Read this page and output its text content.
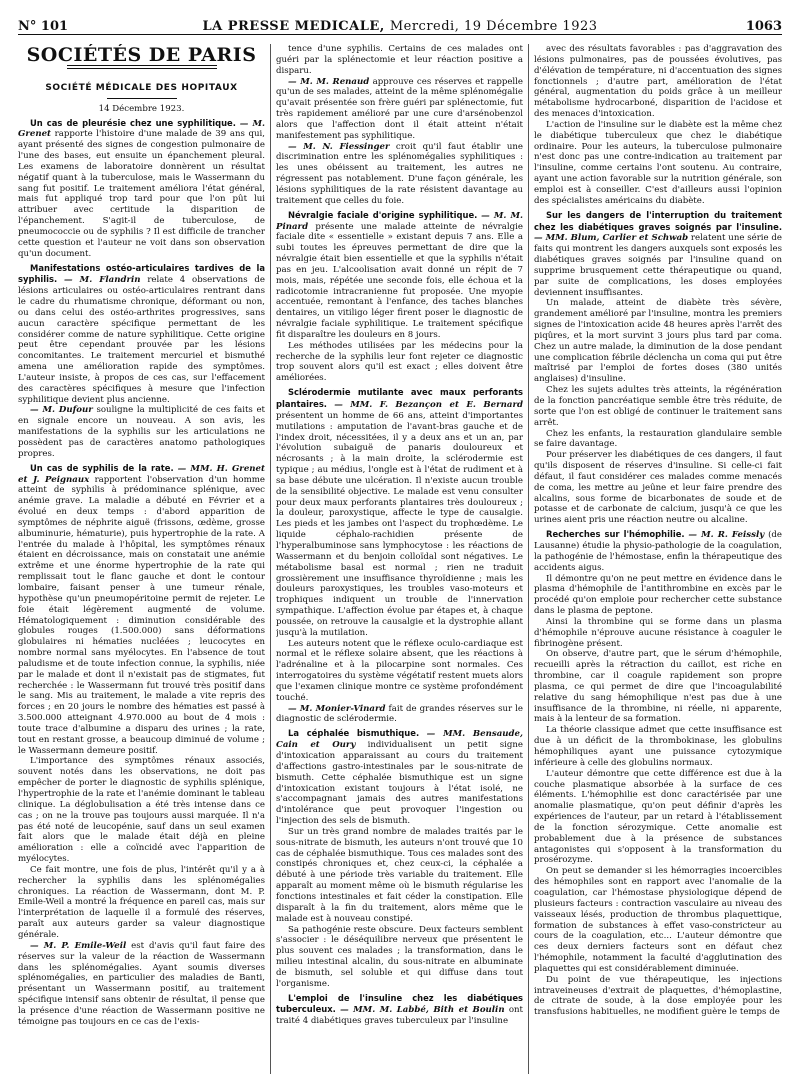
N° 101	LA PRESSE MEDICALE, Mercredi, 19 Décembre 1923	1063
SOCIÉTÉS DE PARIS
SOCIÉTÉ MÉDICALE DES HOPITAUX
14 Décembre 1923.

Un cas de pleurésie chez une syphilitique. — M. Grenet rapporte l'histoire d'une malade de 39 ans qui, ayant présenté des signes de congestion pulmonaire de l'une des bases, eut ensuite un épanchement pleural. Les examens de laboratoire donnèrent un résultat négatif quant à la tuberculose, mais le Wassermann du sang fut positif. Le traitement améliora l'état général, mais fut appliqué trop tard pour que l'on pût lui attribuer avec certitude la disparition de l'épanchement. S'agit-il de tuberculose, de pneumococcie ou de syphilis ? Il est difficile de trancher cette question et l'auteur ne voit dans son observation qu'un document.

Manifestations ostéo-articulaires tardives de la syphilis. — M. Flandrin relate 4 observations de lésions articulaires ou ostéo-articulaires rentrant dans le cadre du rhumatisme chronique, déformant ou non, ou dans celui des ostéo-arthrites progressives, sans aucun caractère spécifique permettant de les considérer comme de nature syphilitique. Cette origine peut être cependant prouvée par les lésions concomitantes. Le traitement mercuriel et bismuthé amena une amélioration rapide des symptômes. L'auteur insiste, à propos de ces cas, sur l'effacement des caractères spécifiques à mesure que l'infection syphilitique devient plus ancienne.

— M. Dufour souligne la multiplicité de ces faits et en signale encore un nouveau. A son avis, les manifestations de la syphilis sur les articulations ne possèdent pas de caractères anatomo pathologiques propres.

Un cas de syphilis de la rate. — MM. H. Grenet et J. Peignaux rapportent l'observation d'un homme atteint de syphilis à prédominance splénique, avec anémie grave. La maladie a débuté en Février et a évolué en deux temps : d'abord apparition de symptômes de néphrite aiguë (frissons, œdème, grosse albuminurie, hématurie), puis hypertrophie de la rate. A l'entrée du malade à l'hôpital, les symptômes rénaux étaient en décroissance, mais on constatait une anémie extrême et une énorme hypertrophie de la rate qui remplissait tout le flanc gauche et dont le contour lombaire, faisant penser à une tumeur rénale, hypothèse qu'un pneumopéritoine permit de rejeter. Le foie était légèrement augmenté de volume. Hématologiquement : diminution considérable des globules rouges (1.500.000) sans déformations globulaires ni hématies nucléées ; leucocytes en nombre normal sans myélocytes. En l'absence de tout paludisme et de toute infection connue, la syphilis, niée par le malade et dont il n'existait pas de stigmates, fut recherchée : le Wassermann fut trouvé très positif dans le sang. Mis au traitement, le malade a vite repris des forces ; en 20 jours le nombre des hématies est passé à 3.500.000 atteignant 4.970.000 au bout de 4 mois : toute trace d'albumine a disparu des urines ; la rate, tout en restant grosse, a beaucoup diminué de volume ; le Wassermann demeure positif.

L'importance des symptômes rénaux associés, souvent notés dans les observations, ne doit pas empêcher de porter le diagnostic de syphilis splénique, l'hypertrophie de la rate et l'anémie dominant le tableau clinique. La déglobulisation a été très intense dans ce cas ; on ne la trouve pas toujours aussi marquée. Il n'a pas été noté de leucopénie, sauf dans un seul examen fait alors que le malade était déjà en pleine amélioration : elle a coïncidé avec l'apparition de myélocytes.

Ce fait montre, une fois de plus, l'intérêt qu'il y a à rechercher la syphilis dans les splénomégalies chroniques. La réaction de Wassermann, dont M. P. Emile-Weil a montré la fréquence en pareil cas, mais sur l'interprétation de laquelle il a formulé des réserves, paraît aux auteurs garder sa valeur diagnostique générale.

— M. P. Emile-Weil est d'avis qu'il faut faire des réserves sur la valeur de la réaction de Wassermann dans les splénomégalies. Ayant soumis diverses splénomégalies, en particulier des maladies de Banti, présentant un Wassermann positif, au traitement spécifique intensif sans obtenir de résultat, il pense que la présence d'une réaction de Wassermann positive ne témoigne pas toujours en ce cas de l'exis-

tence d'une syphilis. Certains de ces malades ont guéri par la splénectomie et leur réaction positive a disparu.

— M. M. Renaud approuve ces réserves et rappelle qu'un de ses malades, atteint de la même splénomégalie qu'avait présentée son frère guéri par splénectomie, fut très rapidement amélioré par une cure d'arsénobenzol alors que l'affection dont il était atteint n'était manifestement pas syphilitique.

— M. N. Fiessinger croit qu'il faut établir une discrimination entre les splénomégalies syphilitiques : les unes obéissent au traitement, les autres ne régressent pas notablement. D'une façon générale, les lésions syphilitiques de la rate résistent davantage au traitement que celles du foie.

Névralgie faciale d'origine syphilitique. — M. M. Pinard présente une malade atteinte de névralgie faciale dite « essentielle » existant depuis 7 ans. Elle a subi toutes les épreuves permettant de dire que la névralgie était bien essentielle et que la syphilis n'était pas en jeu. L'alcoolisation avait donné un répit de 7 mois, mais, répétée une seconde fois, elle échoua et la radicotomie intracranienne fut proposée. Une myopie accentuée, remontant à l'enfance, des taches blanches dentaires, un vitiligo léger firent poser le diagnostic de névralgie faciale syphilitique. Le traitement spécifique fit disparaître les douleurs en 8 jours.

Les méthodes utilisées par les médecins pour la recherche de la syphilis leur font rejeter ce diagnostic trop souvent alors qu'il est exact ; elles doivent être améliorées.

Sclérodermie mutilante avec maux perforants plantaires. — MM. F. Bezançon et E. Bernard présentent un homme de 66 ans, atteint d'importantes mutilations : amputation de l'avant-bras gauche et de l'index droit, nécessitées, il y a deux ans et un an, par l'évolution subaiguë de panaris douloureux et nécrosants ; à la main droite, la sclérodermie est typique ; au médius, l'ongle est à l'état de rudiment et à sa base débute une ulcération. Il n'existe aucun trouble de la sensibilité objective. Le malade est venu consulter pour deux maux perforants plantaires très douloureux ; la douleur, paroxystique, affecte le type de causalgie. Les pieds et les jambes ont l'aspect du trophœdème. Le liquide céphalo-rachidien présente de l'hyperalbuminose sans lymphocytose : les réactions de Wassermann et du benjoin colloïdal sont négatives. Le métabolisme basal est normal ; rien ne traduit grossièrement une insuffisance thyroïdienne ; mais les douleurs paroxystiques, les troubles vaso-moteurs et trophiques indiquent un trouble de l'innervation sympathique. L'affection évolue par étapes et, à chaque poussée, on retrouve la causalgie et la dystrophie allant jusqu'à la mutilation.

Les auteurs notent que le réflexe oculo-cardiaque est normal et le réflexe solaire absent, que les réactions à l'adrénaline et à la pilocarpine sont normales. Ces interrogatoires du système végétatif restent muets alors que l'examen clinique montre ce système profondément touché.

— M. Monier-Vinard fait de grandes réserves sur le diagnostic de sclérodermie.

La céphalée bismuthique. — MM. Bensaude, Cain et Oury individualisent un petit signe d'intoxication apparaissant au cours du traitement d'affections gastro-intestinales par le sous-nitrate de bismuth. Cette céphalée bismuthique est un signe d'intoxication existant toujours à l'état isolé, ne s'accompagnant jamais des autres manifestations d'intolérance que peut provoquer l'ingestion ou l'injection des sels de bismuth.

Sur un très grand nombre de malades traités par le sous-nitrate de bismuth, les auteurs n'ont trouvé que 10 cas de céphalée bismuthique. Tous ces malades sont des constipés chroniques et, chez ceux-ci, la céphalée a débuté à une période très variable du traitement. Elle apparaît au moment même où le bismuth régularise les fonctions intestinales et fait céder la constipation. Elle disparaît à la fin du traitement, alors même que le malade est à nouveau constipé.

Sa pathogénie reste obscure. Deux facteurs semblent s'associer : le déséquilibre nerveux que présentent le plus souvent ces malades ; la transformation, dans le milieu intestinal alcalin, du sous-nitrate en albuminate de bismuth, sel soluble et qui diffuse dans tout l'organisme.

L'emploi de l'insuline chez les diabétiques tuberculeux. — MM. M. Labbé, Bith et Boulin ont traité 4 diabétiques graves tuberculeux par l'insuline

avec des résultats favorables : pas d'aggravation des lésions pulmonaires, pas de poussées évolutives, pas d'élévation de température, ni d'accentuation des signes fonctionnels ; d'autre part, amélioration de l'état général, augmentation du poids grâce à un meilleur métabolisme hydrocarboné, disparition de l'acidose et des menaces d'intoxication.

L'action de l'insuline sur le diabète est la même chez le diabétique tuberculeux que chez le diabétique ordinaire. Pour les auteurs, la tuberculose pulmonaire n'est donc pas une contre-indication au traitement par l'insuline, comme certains l'ont soutenu. Au contraire, ayant une action favorable sur la nutrition générale, son emploi est à conseiller. C'est d'ailleurs aussi l'opinion des spécialistes américains du diabète.

Sur les dangers de l'interruption du traitement chez les diabétiques graves soignés par l'insuline. — MM. Blum, Carlier et Schwab relatent une série de faits qui montrent les dangers auxquels sont exposés les diabétiques graves soignés par l'insuline quand on supprime brusquement cette thérapeutique ou quand, par suite de complications, les doses employées deviennent insuffisantes.

Un malade, atteint de diabète très sévère, grandement amélioré par l'insuline, montra les premiers signes de l'intoxication acide 48 heures après l'arrêt des piqûres, et la mort survint 3 jours plus tard par coma. Chez un autre malade, la diminution de la dose pendant une complication fébrile déclencha un coma qui put être maîtrisé par l'emploi de fortes doses (380 unités anglaises) d'insuline.

Chez les sujets adultes très atteints, la régénération de la fonction pancréatique semble être très réduite, de sorte que l'on est obligé de continuer le traitement sans arrêt.

Chez les enfants, la restauration glandulaire semble se faire davantage.

Pour préserver les diabétiques de ces dangers, il faut qu'ils disposent de réserves d'insuline. Si celle-ci fait défaut, il faut considérer ces malades comme menacés de coma, les mettre au jeûne et leur faire prendre des alcalins, sous forme de bicarbonates de soude et de potasse et de carbonate de calcium, jusqu'à ce que les urines aient pris une réaction neutre ou alcaline.

Recherches sur l'hémophilie. — M. R. Feissly (de Lausanne) étudie la physio-pathologie de la coagulation, la pathogénie de l'hémostase, enfin la thérapeutique des accidents aigus.

Il démontre qu'on ne peut mettre en évidence dans le plasma d'hémophile de l'antithrombine en excès par le procédé qu'on emploie pour rechercher cette substance dans le plasma de peptone.

Ainsi la thrombine qui se forme dans un plasma d'hémophile n'éprouve aucune résistance à coaguler le fibrinogène présent.

On observe, d'autre part, que le sérum d'hémophile, recueilli après la rétraction du caillot, est riche en thrombine, car il coagule rapidement son propre plasma, ce qui permet de dire que l'incoagulabilité relative du sang hémophilique n'est pas due à une insuffisance de la thrombine, ni réelle, ni apparente, mais à la lenteur de sa formation.

La théorie classique admet que cette insuffisance est due à un déficit de la thrombokinase, les globulins hémophiliques ayant une puissance cytozymique inférieure à celle des globulins normaux.

L'auteur démontre que cette différence est due à la couche plasmatique absorbée à la surface de ces éléments. L'hémophilie est donc caractérisée par une anomalie plasmatique, qu'on peut définir d'après les expériences de l'auteur, par un retard à l'établissement de la fonction sérozymique. Cette anomalie est probablement due à la présence de substances antagonistes qui s'opposent à la transformation du prosérozyme.

On peut se demander si les hémorragies incoercibles des hémophiles sont en rapport avec l'anomalie de la coagulation, car l'hémostase physiologique dépend de plusieurs facteurs : contraction vasculaire au niveau des vaisseaux lésés, production de thrombus plaquettique, formation de substances à effet vaso-constricteur au cours de la coagulation, etc... L'auteur démontre que ces deux derniers facteurs sont en défaut chez l'hémophile, notamment la faculté d'agglutination des plaquettes qui est considérablement diminuée.

Du point de vue thérapeutique, les injections intraveineuses d'extrait de plaquettes, d'hémoplastine, de citrate de soude, à la dose employée pour les transfusions habituelles, ne modifient guère le temps de
